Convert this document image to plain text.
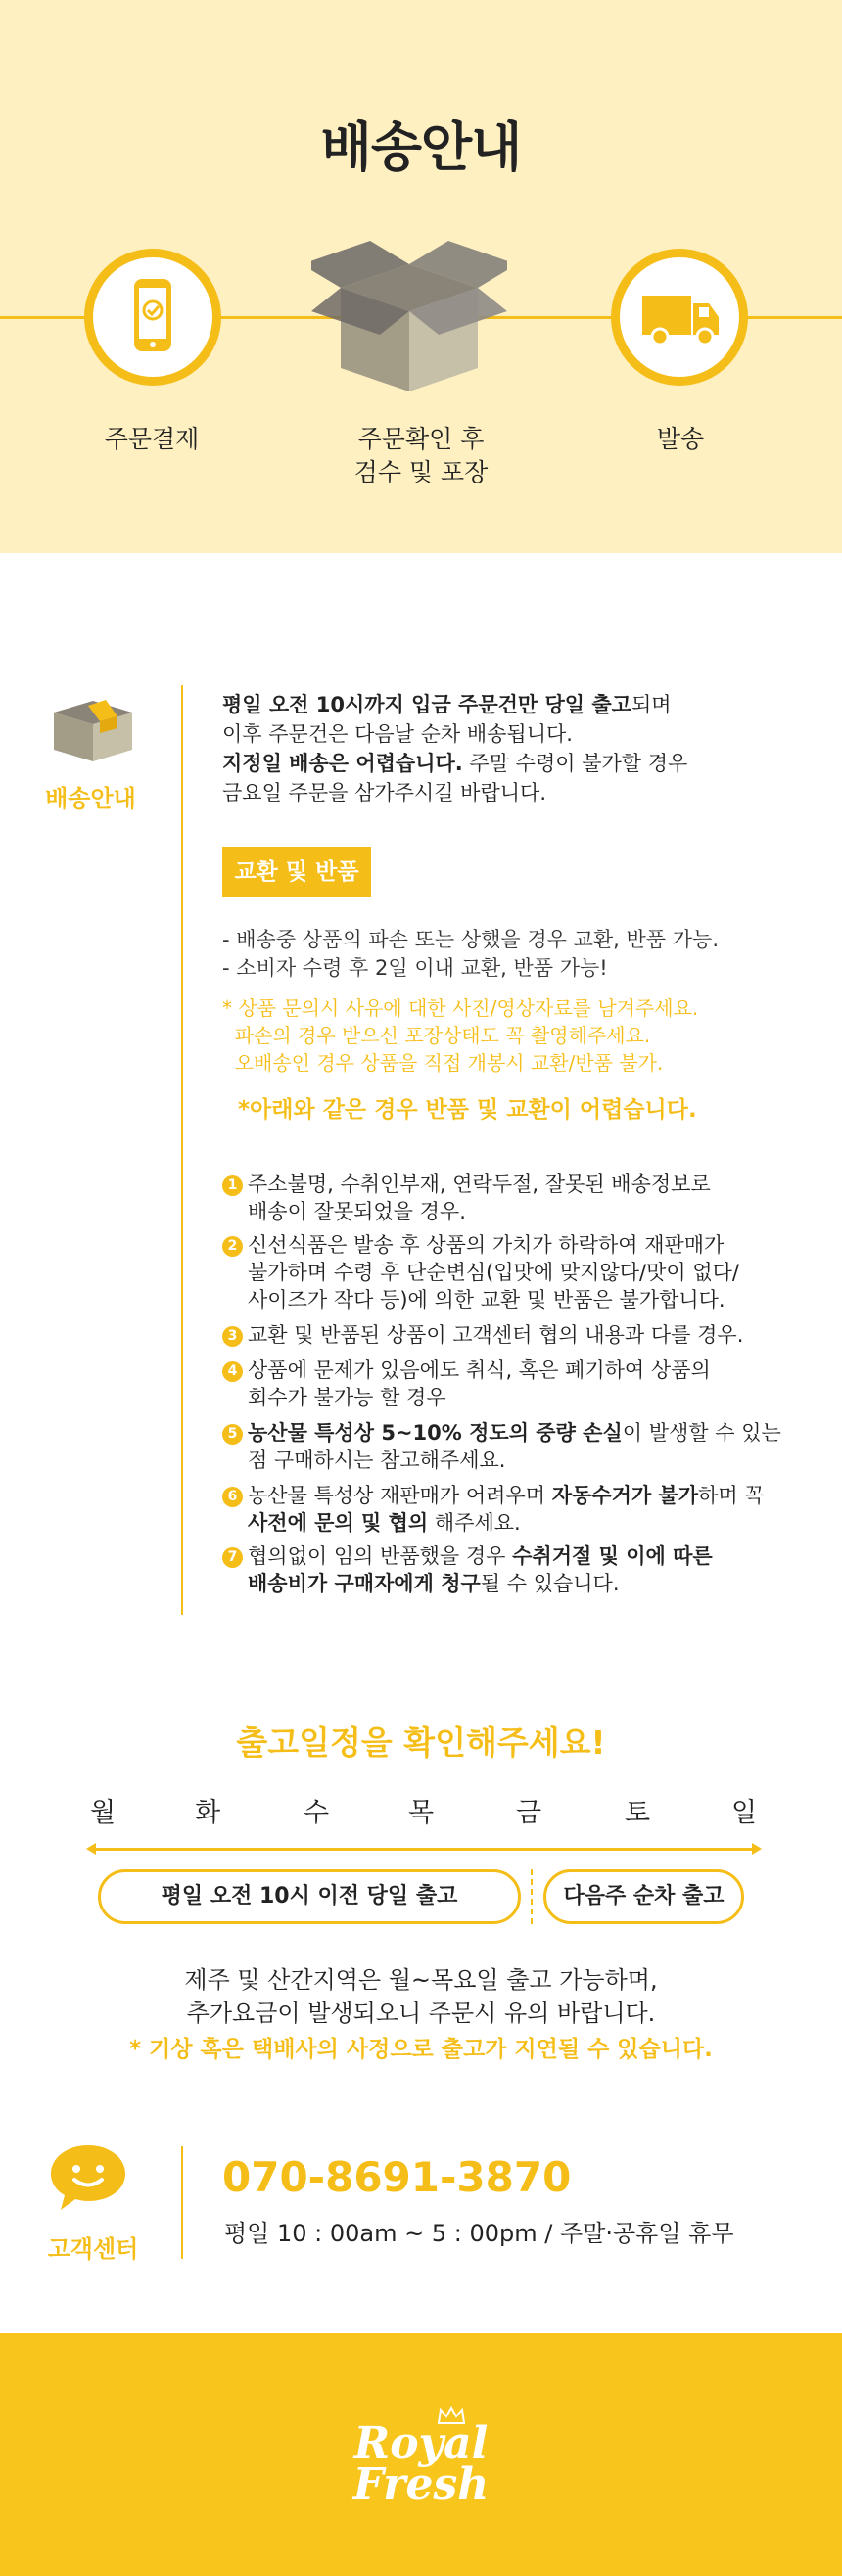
배송안내
주문결제	주문확인 후
검수 및 포장
발송
배송안내
평일 오전 10시까지 입금 주문건만 당일 출고되며
이후 주문건은 다음날 순차 배송됩니다.
지정일 배송은 어렵습니다. 주말 수령이 불가할 경우
금요일 주문을 삼가주시길 바랍니다.
교환 및 반품
- 배송중 상품의 파손 또는 상했을 경우 교환, 반품 가능.
- 소비자 수령 후 2일 이내 교환, 반품 가능!
* 상품 문의시 사유에 대한 사진/영상자료를 남겨주세요.
파손의 경우 받으신 포장상태도 꼭 촬영해주세요.
오배송인 경우 상품을 직접 개봉시 교환/반품 불가.
*아래와 같은 경우 반품 및 교환이 어렵습니다.
1 주소불명, 수취인부재, 연락두절, 잘못된 배송정보로
배송이 잘못되었을 경우.
2 신선식품은 발송 후 상품의 가치가 하락하여 재판매가
불가하며 수령 후 단순변심(입맛에 맞지않다/맛이 없다/
사이즈가 작다 등)에 의한 교환 및 반품은 불가합니다.
3 교환 및 반품된 상품이 고객센터 협의 내용과 다를 경우.
4 상품에 문제가 있음에도 취식, 혹은 폐기하여 상품의
회수가 불가능 할 경우
5 농산물 특성상 5~10% 정도의 중량 손실이 발생할 수 있는
점 구매하시는 참고해주세요.
6 농산물 특성상 재판매가 어려우며 자동수거가 불가하며 꼭
사전에 문의 및 협의 해주세요.
7 협의없이 임의 반품했을 경우 수취거절 및 이에 따른
배송비가 구매자에게 청구될 수 있습니다.
출고일정을 확인해주세요!
월	화	수	목	금	토	일
평일 오전 10시 이전 당일 출고	다음주 순차 출고
제주 및 산간지역은 월~목요일 출고 가능하며,
추가요금이 발생되오니 주문시 유의 바랍니다.
* 기상 혹은 택배사의 사정으로 출고가 지연될 수 있습니다.
고객센터
070-8691-3870
평일 10 : 00am ~ 5 : 00pm / 주말·공휴일 휴무
Royal
Fresh
